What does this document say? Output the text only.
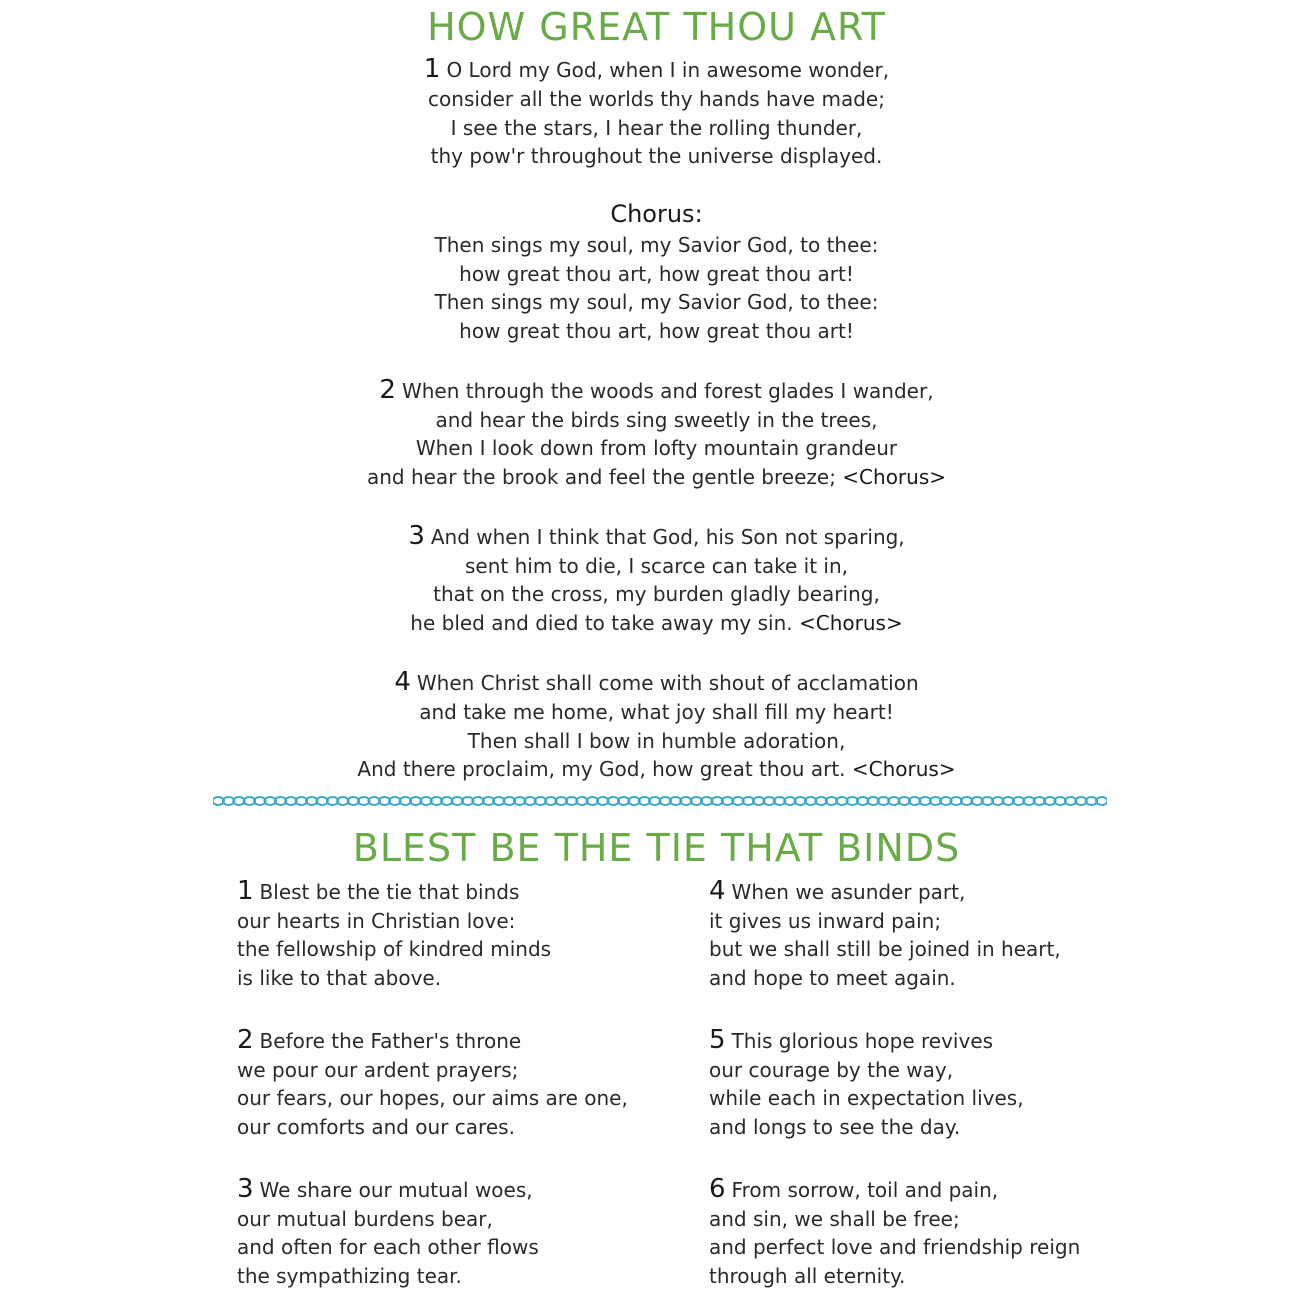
HOW GREAT THOU ART
1 O Lord my God, when I in awesome wonder,
consider all the worlds thy hands have made;
I see the stars, I hear the rolling thunder,
thy pow'r throughout the universe displayed.
Chorus:
Then sings my soul, my Savior God, to thee:
how great thou art, how great thou art!
Then sings my soul, my Savior God, to thee:
how great thou art, how great thou art!
2 When through the woods and forest glades I wander,
and hear the birds sing sweetly in the trees,
When I look down from lofty mountain grandeur
and hear the brook and feel the gentle breeze; <Chorus>
3 And when I think that God, his Son not sparing,
sent him to die, I scarce can take it in,
that on the cross, my burden gladly bearing,
he bled and died to take away my sin. <Chorus>
4 When Christ shall come with shout of acclamation
and take me home, what joy shall fill my heart!
Then shall I bow in humble adoration,
And there proclaim, my God, how great thou art. <Chorus>
BLEST BE THE TIE THAT BINDS
1 Blest be the tie that binds
our hearts in Christian love:
the fellowship of kindred minds
is like to that above.
2 Before the Father's throne
we pour our ardent prayers;
our fears, our hopes, our aims are one,
our comforts and our cares.
3 We share our mutual woes,
our mutual burdens bear,
and often for each other flows
the sympathizing tear.
4 When we asunder part,
it gives us inward pain;
but we shall still be joined in heart,
and hope to meet again.
5 This glorious hope revives
our courage by the way,
while each in expectation lives,
and longs to see the day.
6 From sorrow, toil and pain,
and sin, we shall be free;
and perfect love and friendship reign
through all eternity.
